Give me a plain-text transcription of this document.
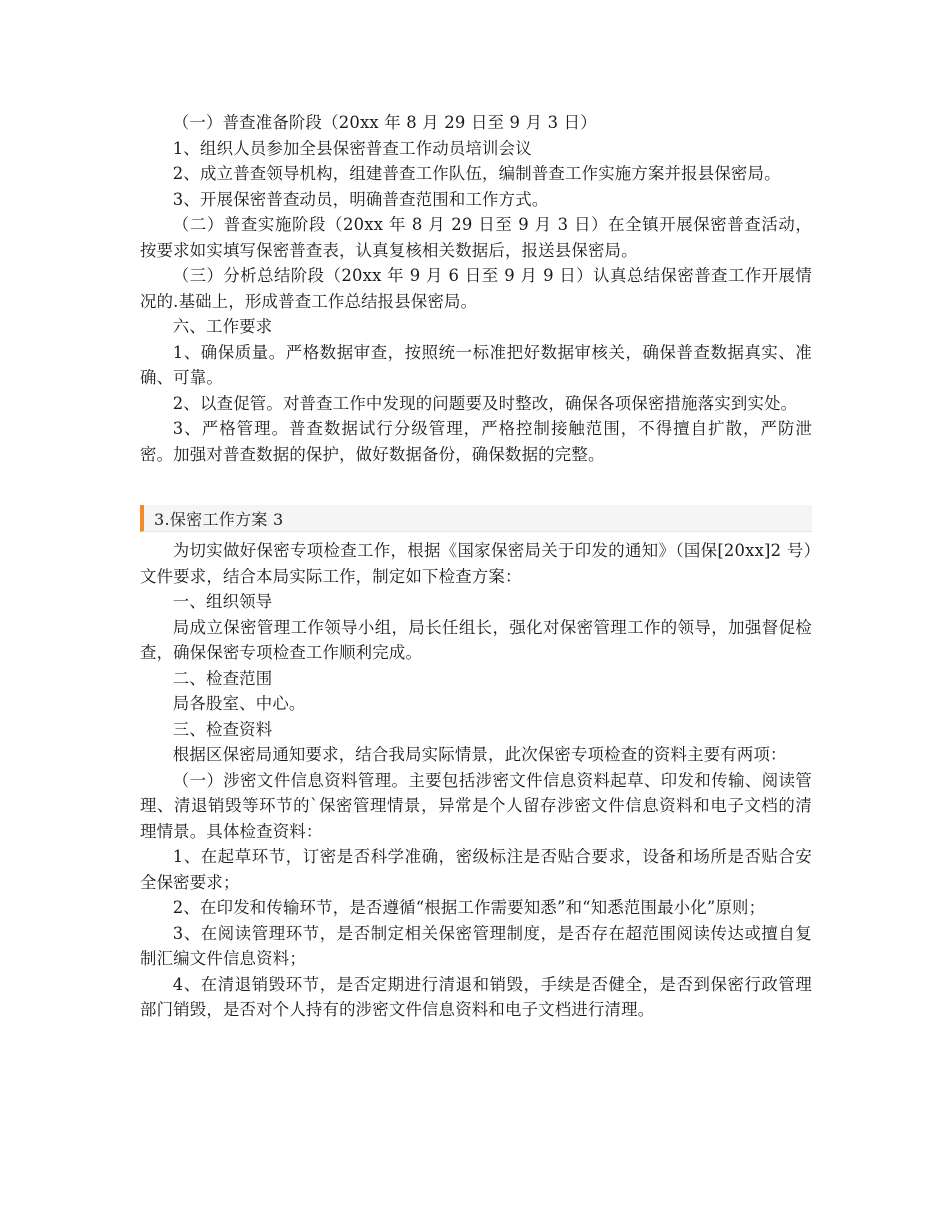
（一）普查准备阶段（20xx 年 8 月 29 日至 9 月 3 日）

1、组织人员参加全县保密普查工作动员培训会议

2、成立普查领导机构，组建普查工作队伍，编制普查工作实施方案并报县保密局。

3、开展保密普查动员，明确普查范围和工作方式。

（二）普查实施阶段（20xx 年 8 月 29 日至 9 月 3 日）在全镇开展保密普查活动，按要求如实填写保密普查表，认真复核相关数据后，报送县保密局。

（三）分析总结阶段（20xx 年 9 月 6 日至 9 月 9 日）认真总结保密普查工作开展情况的.基础上，形成普查工作总结报县保密局。

六、工作要求

1、确保质量。严格数据审查，按照统一标准把好数据审核关，确保普查数据真实、准确、可靠。

2、以查促管。对普查工作中发现的问题要及时整改，确保各项保密措施落实到实处。

3、严格管理。普查数据试行分级管理，严格控制接触范围，不得擅自扩散，严防泄密。加强对普查数据的保护，做好数据备份，确保数据的完整。

3.保密工作方案 3

为切实做好保密专项检查工作，根据《国家保密局关于印发的通知》（国保[20xx]2 号）文件要求，结合本局实际工作，制定如下检查方案：

一、组织领导

局成立保密管理工作领导小组，局长任组长，强化对保密管理工作的领导，加强督促检查，确保保密专项检查工作顺利完成。

二、检查范围

局各股室、中心。

三、检查资料

根据区保密局通知要求，结合我局实际情景，此次保密专项检查的资料主要有两项：

（一）涉密文件信息资料管理。主要包括涉密文件信息资料起草、印发和传输、阅读管理、清退销毁等环节的`保密管理情景，异常是个人留存涉密文件信息资料和电子文档的清理情景。具体检查资料：

1、在起草环节，订密是否科学准确，密级标注是否贴合要求，设备和场所是否贴合安全保密要求；

2、在印发和传输环节，是否遵循“根据工作需要知悉”和“知悉范围最小化”原则；

3、在阅读管理环节，是否制定相关保密管理制度，是否存在超范围阅读传达或擅自复制汇编文件信息资料；

4、在清退销毁环节，是否定期进行清退和销毁，手续是否健全，是否到保密行政管理部门销毁，是否对个人持有的涉密文件信息资料和电子文档进行清理。
